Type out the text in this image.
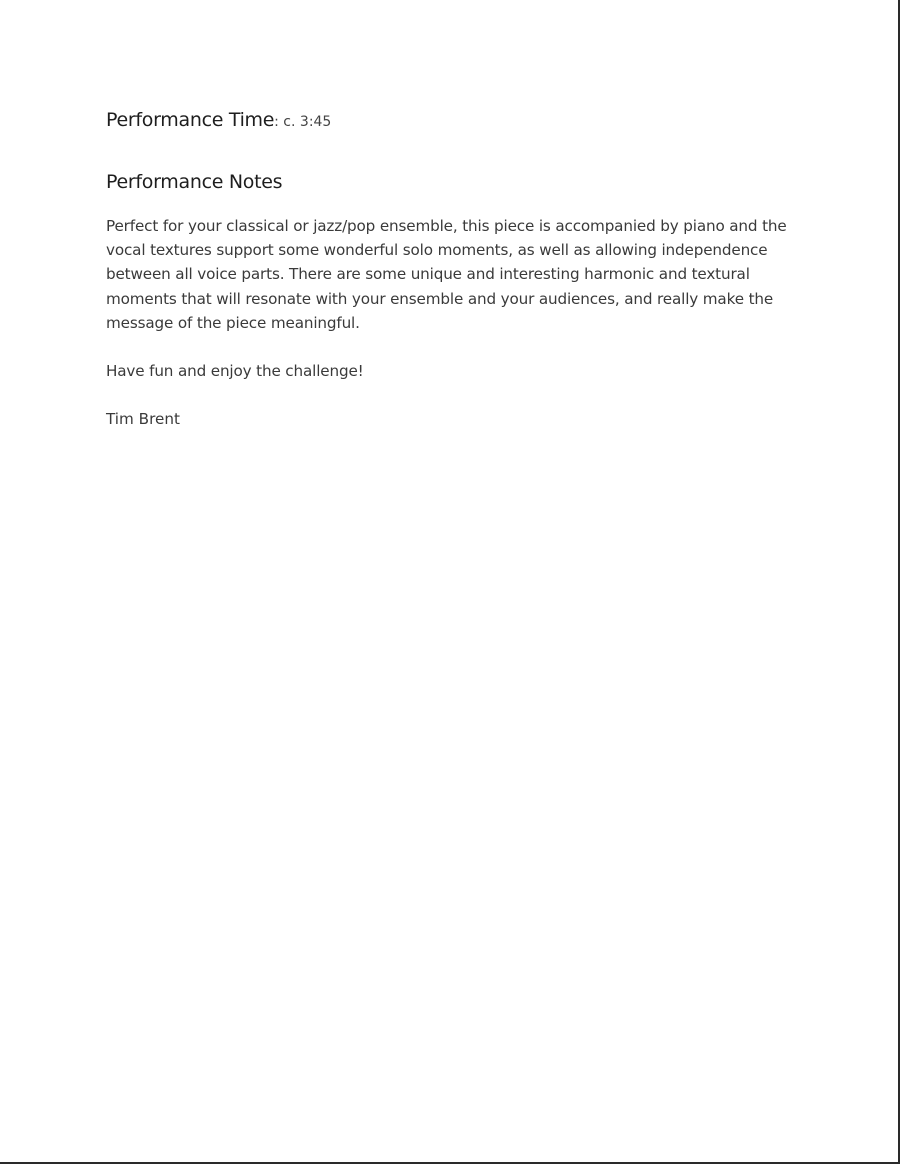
Performance Time: c. 3:45

Performance Notes

Perfect for your classical or jazz/pop ensemble, this piece is accompanied by piano and the vocal textures support some wonderful solo moments, as well as allowing independence between all voice parts. There are some unique and interesting harmonic and textural moments that will resonate with your ensemble and your audiences, and really make the message of the piece meaningful.

Have fun and enjoy the challenge!

Tim Brent
